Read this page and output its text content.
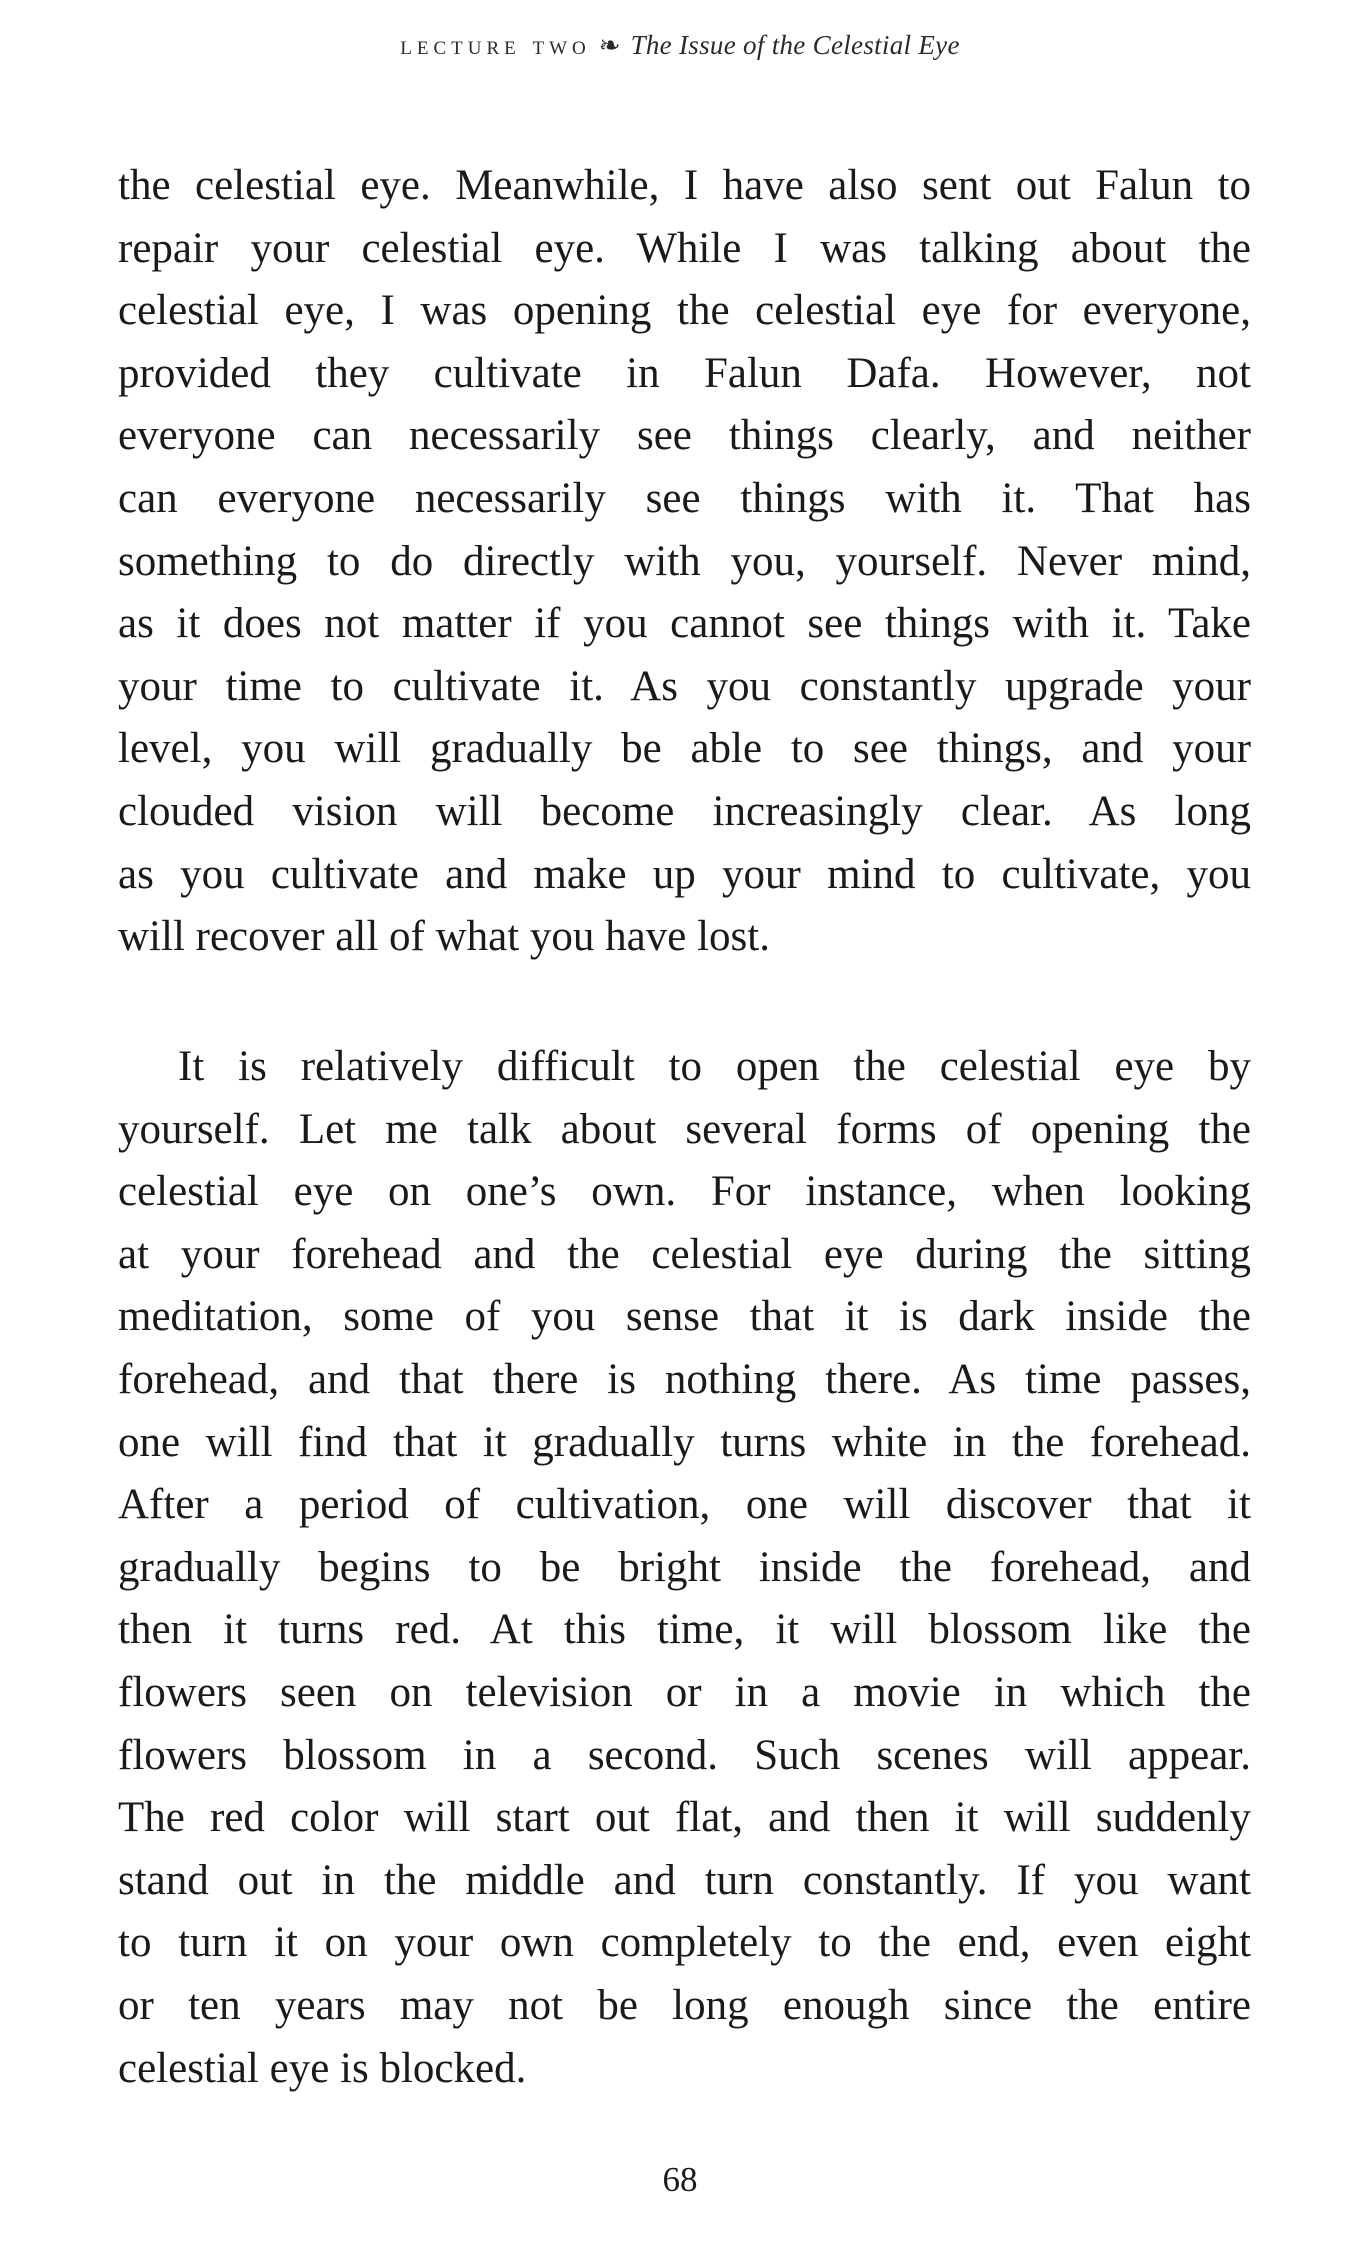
lecture two ❧ The Issue of the Celestial Eye
the celestial eye. Meanwhile, I have also sent out Falun to
repair your celestial eye. While I was talking about the
celestial eye, I was opening the celestial eye for everyone,
provided they cultivate in Falun Dafa. However, not
everyone can necessarily see things clearly, and neither
can everyone necessarily see things with it. That has
something to do directly with you, yourself. Never mind,
as it does not matter if you cannot see things with it. Take
your time to cultivate it. As you constantly upgrade your
level, you will gradually be able to see things, and your
clouded vision will become increasingly clear. As long
as you cultivate and make up your mind to cultivate, you
will recover all of what you have lost.
It is relatively difficult to open the celestial eye by
yourself. Let me talk about several forms of opening the
celestial eye on one’s own. For instance, when looking
at your forehead and the celestial eye during the sitting
meditation, some of you sense that it is dark inside the
forehead, and that there is nothing there. As time passes,
one will find that it gradually turns white in the forehead.
After a period of cultivation, one will discover that it
gradually begins to be bright inside the forehead, and
then it turns red. At this time, it will blossom like the
flowers seen on television or in a movie in which the
flowers blossom in a second. Such scenes will appear.
The red color will start out flat, and then it will suddenly
stand out in the middle and turn constantly. If you want
to turn it on your own completely to the end, even eight
or ten years may not be long enough since the entire
celestial eye is blocked.
68
